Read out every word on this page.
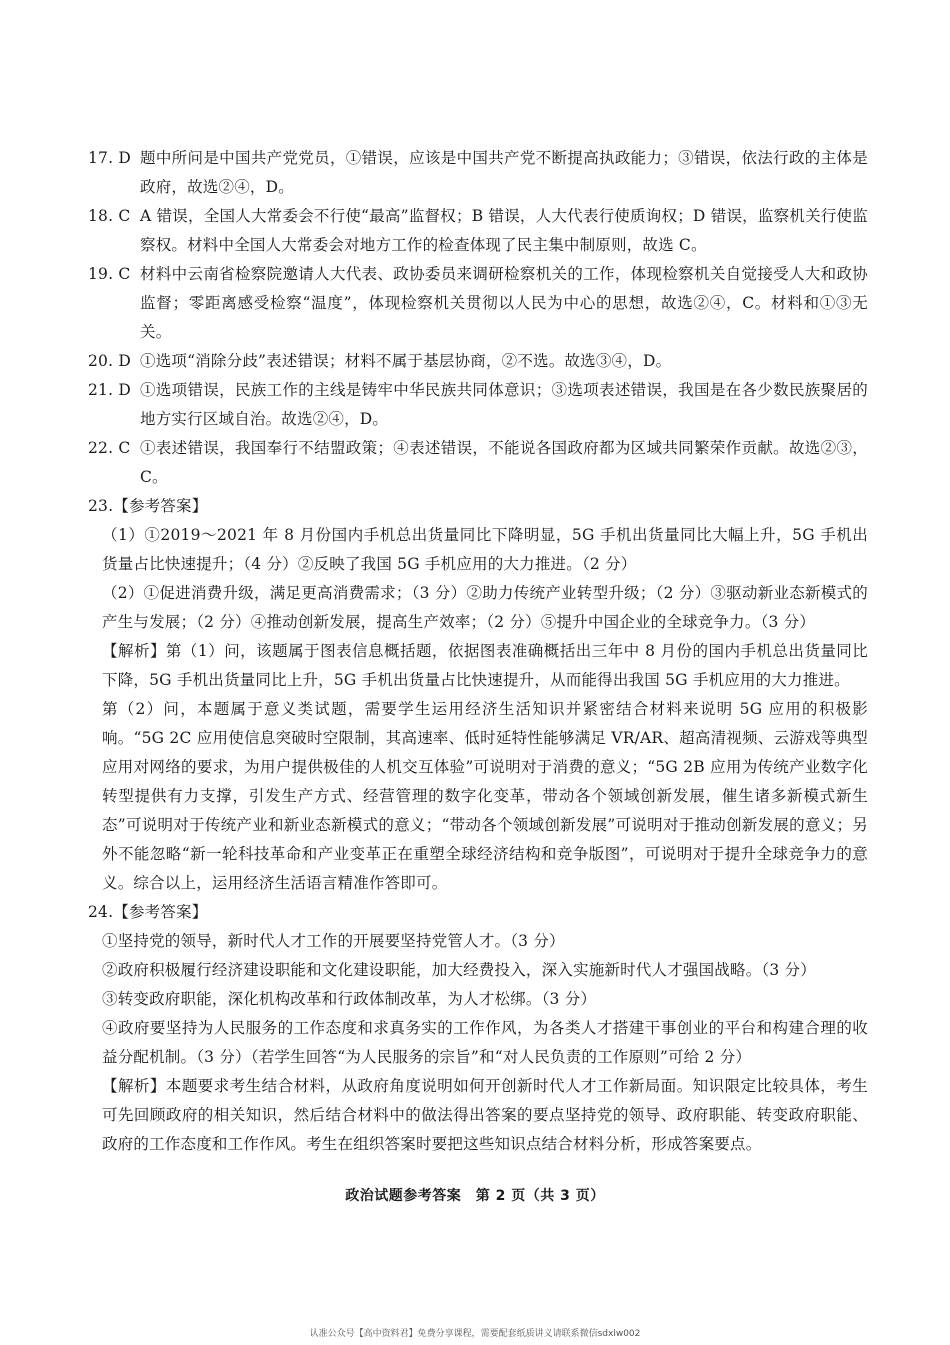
17. D 题中所问是中国共产党党员，①错误，应该是中国共产党不断提高执政能力；③错误，依法行政的主体是政府，故选②④，D。
18. C A 错误，全国人大常委会不行使“最高”监督权；B 错误，人大代表行使质询权；D 错误，监察机关行使监察权。材料中全国人大常委会对地方工作的检查体现了民主集中制原则，故选 C。
19. C 材料中云南省检察院邀请人大代表、政协委员来调研检察机关的工作，体现检察机关自觉接受人大和政协监督；零距离感受检察“温度”，体现检察机关贯彻以人民为中心的思想，故选②④，C。材料和①③无关。
20. D ①选项“消除分歧”表述错误；材料不属于基层协商，②不选。故选③④，D。
21. D ①选项错误，民族工作的主线是铸牢中华民族共同体意识；③选项表述错误，我国是在各少数民族聚居的地方实行区域自治。故选②④，D。
22. C ①表述错误，我国奉行不结盟政策；④表述错误，不能说各国政府都为区域共同繁荣作贡献。故选②③，C。
23.【参考答案】
（1）①2019～2021 年 8 月份国内手机总出货量同比下降明显，5G 手机出货量同比大幅上升，5G 手机出货量占比快速提升；（4 分）②反映了我国 5G 手机应用的大力推进。（2 分）
（2）①促进消费升级，满足更高消费需求；（3 分）②助力传统产业转型升级；（2 分）③驱动新业态新模式的产生与发展；（2 分）④推动创新发展，提高生产效率；（2 分）⑤提升中国企业的全球竞争力。（3 分）
【解析】第（1）问，该题属于图表信息概括题，依据图表准确概括出三年中 8 月份的国内手机总出货量同比下降，5G 手机出货量同比上升，5G 手机出货量占比快速提升，从而能得出我国 5G 手机应用的大力推进。
第（2）问，本题属于意义类试题，需要学生运用经济生活知识并紧密结合材料来说明 5G 应用的积极影响。“5G 2C 应用使信息突破时空限制，其高速率、低时延特性能够满足 VR/AR、超高清视频、云游戏等典型应用对网络的要求，为用户提供极佳的人机交互体验”可说明对于消费的意义；“5G 2B 应用为传统产业数字化转型提供有力支撑，引发生产方式、经营管理的数字化变革，带动各个领域创新发展，催生诸多新模式新生态”可说明对于传统产业和新业态新模式的意义；“带动各个领域创新发展”可说明对于推动创新发展的意义；另外不能忽略“新一轮科技革命和产业变革正在重塑全球经济结构和竞争版图”，可说明对于提升全球竞争力的意义。综合以上，运用经济生活语言精准作答即可。
24.【参考答案】
①坚持党的领导，新时代人才工作的开展要坚持党管人才。（3 分）
②政府积极履行经济建设职能和文化建设职能，加大经费投入，深入实施新时代人才强国战略。（3 分）
③转变政府职能，深化机构改革和行政体制改革，为人才松绑。（3 分）
④政府要坚持为人民服务的工作态度和求真务实的工作作风，为各类人才搭建干事创业的平台和构建合理的收益分配机制。（3 分）（若学生回答“为人民服务的宗旨”和“对人民负责的工作原则”可给 2 分）
【解析】本题要求考生结合材料，从政府角度说明如何开创新时代人才工作新局面。知识限定比较具体，考生可先回顾政府的相关知识，然后结合材料中的做法得出答案的要点坚持党的领导、政府职能、转变政府职能、政府的工作态度和工作作风。考生在组织答案时要把这些知识点结合材料分析，形成答案要点。
政治试题参考答案　第 2 页（共 3 页）
认准公众号【高中资料君】免费分享课程，需要配套纸质讲义请联系微信sdxlw002
